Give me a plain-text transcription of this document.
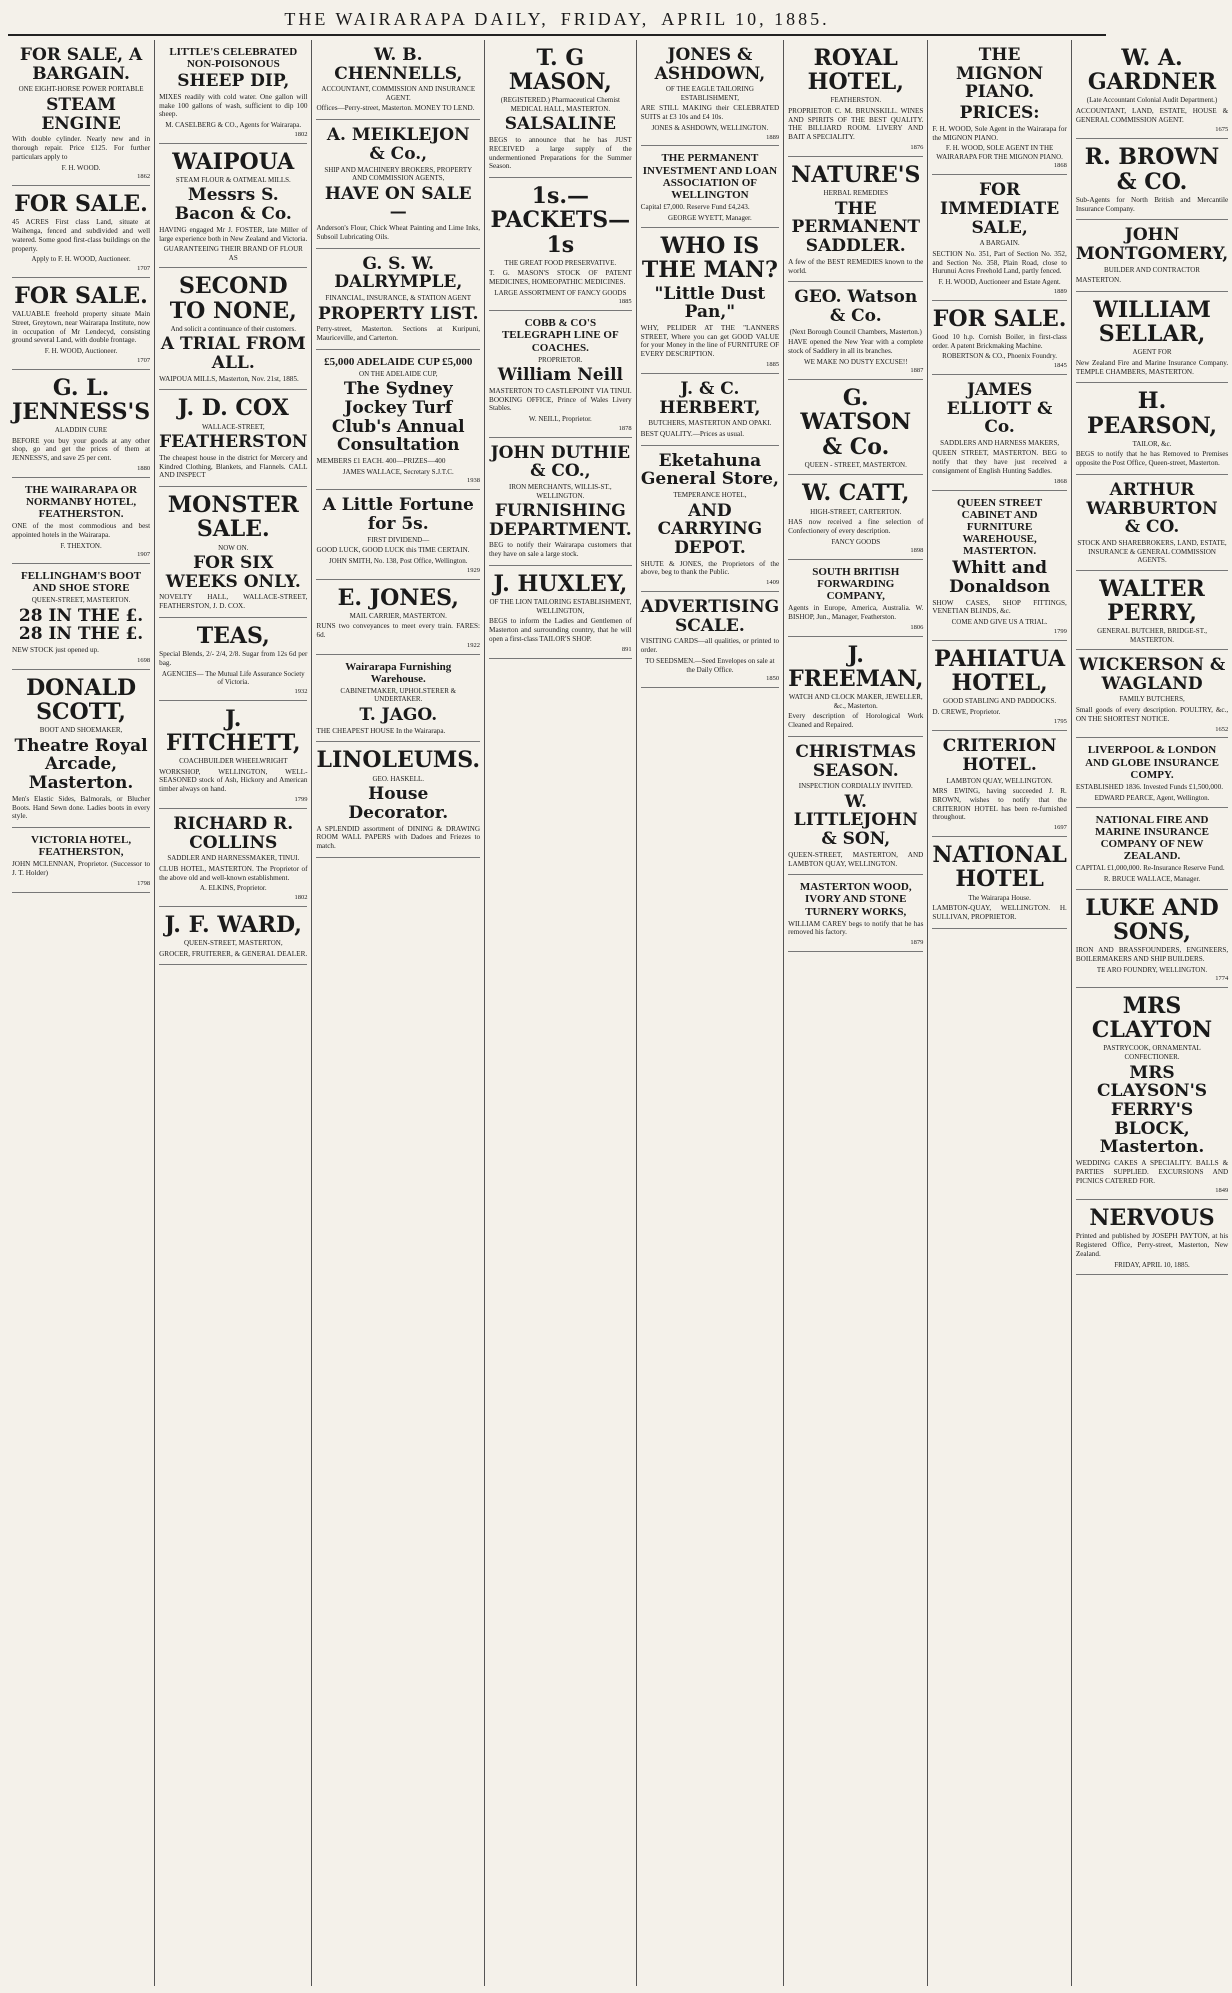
THE WAIRARAPA DAILY, FRIDAY, APRIL 10, 1885.
FOR SALE, A BARGAIN.
ONE EIGHT-HORSE POWER PORTABLE
STEAM ENGINE
With double cylinder. Nearly new and in thorough repair. Price £125. For further particulars apply to
F. H. WOOD.
1862
FOR SALE.
45 ACRES First class Land, situate at Waihenga, fenced and subdivided and well watered. Some good first-class buildings on the property.
Apply to F. H. WOOD, Auctioneer.
1707
FOR SALE.
VALUABLE freehold property situate Main Street, Greytown, near Wairarapa Institute, now in occupation of Mr Lendecyd, consisting ground several Land, with double frontage.
F. H. WOOD, Auctioneer.
1707
G. L. JENNESS'S
ALADDIN CURE
BEFORE you buy your goods at any other shop, go and get the prices of them at JENNESS'S, and save 25 per cent.
1880
THE WAIRARAPA OR NORMANBY HOTEL, FEATHERSTON.
ONE of the most commodious and best appointed hotels in the Wairarapa.
F. THEXTON.
1907
FELLINGHAM'S BOOT AND SHOE STORE
QUEEN-STREET, MASTERTON.
28 IN THE £. 28 IN THE £.
NEW STOCK just opened up.
1698
DONALD SCOTT,
BOOT AND SHOEMAKER,
Theatre Royal Arcade, Masterton.
Men's Elastic Sides, Balmorals, or Blucher Boots. Hand Sewn done. Ladies boots in every style.
VICTORIA HOTEL, FEATHERSTON,
JOHN MCLENNAN, Proprietor. (Successor to J. T. Holder)
1798
LITTLE'S CELEBRATED NON-POISONOUS
SHEEP DIP,
MIXES readily with cold water. One gallon will make 100 gallons of wash, sufficient to dip 100 sheep.
M. CASELBERG & CO., Agents for Wairarapa.
1802
WAIPOUA
STEAM FLOUR & OATMEAL MILLS.
Messrs S. Bacon & Co.
HAVING engaged Mr J. FOSTER, late Miller of large experience both in New Zealand and Victoria.
GUARANTEEING THEIR BRAND OF FLOUR AS
SECOND TO NONE,
And solicit a continuance of their customers.
A TRIAL FROM ALL.
WAIPOUA MILLS, Masterton, Nov. 21st, 1885.
J. D. COX
WALLACE-STREET,
FEATHERSTON
The cheapest house in the district for Mercery and Kindred Clothing, Blankets, and Flannels. CALL AND INSPECT
MONSTER SALE.
NOW ON.
FOR SIX WEEKS ONLY.
NOVELTY HALL, WALLACE-STREET, FEATHERSTON, J. D. COX.
TEAS,
Special Blends, 2/- 2/4, 2/8. Sugar from 12s 6d per bag.
AGENCIES— The Mutual Life Assurance Society of Victoria.
1932
J. FITCHETT,
COACHBUILDER WHEELWRIGHT
WORKSHOP, WELLINGTON, WELL-SEASONED stock of Ash, Hickory and American timber always on hand.
1799
RICHARD R. COLLINS
SADDLER AND HARNESSMAKER, TINUI.
CLUB HOTEL, MASTERTON. The Proprietor of the above old and well-known establishment.
A. ELKINS, Proprietor.
1802
J. F. WARD,
QUEEN-STREET, MASTERTON,
GROCER, FRUITERER, & GENERAL DEALER.
W. B. CHENNELLS,
ACCOUNTANT, COMMISSION AND INSURANCE AGENT.
Offices—Perry-street, Masterton. MONEY TO LEND.
A. MEIKLEJON & Co.,
SHIP AND MACHINERY BROKERS, PROPERTY AND COMMISSION AGENTS,
HAVE ON SALE—
Anderson's Flour, Chick Wheat Painting and Lime Inks, Subsoil Lubricating Oils.
G. S. W. DALRYMPLE,
FINANCIAL, INSURANCE, & STATION AGENT
PROPERTY LIST.
Perry-street, Masterton. Sections at Kuripuni, Mauriceville, and Carterton.
£5,000 ADELAIDE CUP £5,000
ON THE ADELAIDE CUP,
The Sydney Jockey Turf Club's Annual Consultation
MEMBERS £1 EACH. 400—PRIZES—400
JAMES WALLACE, Secretary S.J.T.C.
1938
A Little Fortune for 5s.
FIRST DIVIDEND—
GOOD LUCK, GOOD LUCK this TIME CERTAIN.
JOHN SMITH, No. 138, Post Office, Wellington.
1929
E. JONES,
MAIL CARRIER, MASTERTON.
RUNS two conveyances to meet every train. FARES: 6d.
1922
Wairarapa Furnishing Warehouse.
CABINETMAKER, UPHOLSTERER & UNDERTAKER.
T. JAGO.
THE CHEAPEST HOUSE In the Wairarapa.
LINOLEUMS.
GEO. HASKELL.
House Decorator.
A SPLENDID assortment of DINING & DRAWING ROOM WALL PAPERS with Dadoes and Friezes to match.
T. G MASON,
(REGISTERED.) Pharmaceutical Chemist MEDICAL HALL, MASTERTON.
SALSALINE
BEGS to announce that he has JUST RECEIVED a large supply of the undermentioned Preparations for the Summer Season.
1s.—PACKETS—1s
THE GREAT FOOD PRESERVATIVE.
T. G. MASON'S STOCK OF PATENT MEDICINES, HOMEOPATHIC MEDICINES.
LARGE ASSORTMENT OF FANCY GOODS
1885
COBB & CO'S TELEGRAPH LINE OF COACHES.
PROPRIETOR.
William Neill
MASTERTON TO CASTLEPOINT VIA TINUI. BOOKING OFFICE, Prince of Wales Livery Stables.
W. NEILL, Proprietor.
1878
JOHN DUTHIE & CO.,
IRON MERCHANTS, WILLIS-ST., WELLINGTON.
FURNISHING DEPARTMENT.
BEG to notify their Wairarapa customers that they have on sale a large stock.
J. HUXLEY,
OF THE LION TAILORING ESTABLISHMENT, WELLINGTON,
BEGS to inform the Ladies and Gentlemen of Masterton and surrounding country, that he will open a first-class TAILOR'S SHOP.
891
JONES & ASHDOWN,
OF THE EAGLE TAILORING ESTABLISHMENT,
ARE STILL MAKING their CELEBRATED SUITS at £3 10s and £4 10s.
JONES & ASHDOWN, WELLINGTON.
1889
THE PERMANENT INVESTMENT AND LOAN ASSOCIATION OF WELLINGTON
Capital £7,000. Reserve Fund £4,243.
GEORGE WYETT, Manager.
WHO IS THE MAN?
"Little Dust Pan,"
WHY, PELIDER AT THE "LANNERS STREET, Where you can get GOOD VALUE for your Money in the line of FURNITURE OF EVERY DESCRIPTION.
1885
J. & C. HERBERT,
BUTCHERS, MASTERTON AND OPAKI.
BEST QUALITY.—Prices as usual.
Eketahuna General Store,
TEMPERANCE HOTEL,
AND CARRYING DEPOT.
SHUTE & JONES, the Proprietors of the above, beg to thank the Public.
1409
ADVERTISING SCALE.
VISITING CARDS—all qualities, or printed to order.
TO SEEDSMEN.—Seed Envelopes on sale at the Daily Office.
1850
ROYAL HOTEL,
FEATHERSTON.
PROPRIETOR C. M. BRUNSKILL. WINES AND SPIRITS OF THE BEST QUALITY. THE BILLIARD ROOM. LIVERY AND BAIT A SPECIALITY.
1876
NATURE'S
HERBAL REMEDIES
THE PERMANENT SADDLER.
A few of the BEST REMEDIES known to the world.
GEO. Watson & Co.
(Next Borough Council Chambers, Masterton.)
HAVE opened the New Year with a complete stock of Saddlery in all its branches.
WE MAKE NO DUSTY EXCUSE!!
1887
G. WATSON & Co.
QUEEN - STREET, MASTERTON.
W. CATT,
HIGH-STREET, CARTERTON.
HAS now received a fine selection of Confectionery of every description.
FANCY GOODS
1898
SOUTH BRITISH FORWARDING COMPANY,
Agents in Europe, America, Australia. W. BISHOP, Jun., Manager, Featherston.
1806
J. FREEMAN,
WATCH AND CLOCK MAKER, JEWELLER, &c., Masterton.
Every description of Horological Work Cleaned and Repaired.
CHRISTMAS SEASON.
INSPECTION CORDIALLY INVITED.
W. LITTLEJOHN & SON,
QUEEN-STREET, MASTERTON, AND LAMBTON QUAY, WELLINGTON.
MASTERTON WOOD, IVORY AND STONE TURNERY WORKS,
WILLIAM CAREY begs to notify that he has removed his factory.
1879
THE MIGNON PIANO.
PRICES:
F. H. WOOD, Sole Agent in the Wairarapa for the MIGNON PIANO.
F. H. WOOD, SOLE AGENT IN THE WAIRARAPA FOR THE MIGNON PIANO.
1868
FOR IMMEDIATE SALE,
A BARGAIN.
SECTION No. 351, Part of Section No. 352, and Section No. 358, Plain Road, close to Hurunui Acres Freehold Land, partly fenced.
F. H. WOOD, Auctioneer and Estate Agent.
1889
FOR SALE.
Good 10 h.p. Cornish Boiler, in first-class order. A patent Brickmaking Machine.
ROBERTSON & CO., Phoenix Foundry.
1845
JAMES ELLIOTT & Co.
SADDLERS AND HARNESS MAKERS,
QUEEN STREET, MASTERTON. BEG to notify that they have just received a consignment of English Hunting Saddles.
1868
QUEEN STREET CABINET AND FURNITURE WAREHOUSE, MASTERTON.
Whitt and Donaldson
SHOW CASES, SHOP FITTINGS, VENETIAN BLINDS, &c.
COME AND GIVE US A TRIAL.
1799
PAHIATUA HOTEL,
GOOD STABLING AND PADDOCKS.
D. CREWE, Proprietor.
1795
CRITERION HOTEL.
LAMBTON QUAY, WELLINGTON.
MRS EWING, having succeeded J. R. BROWN, wishes to notify that the CRITERION HOTEL has been re-furnished throughout.
1697
NATIONAL HOTEL
The Wairarapa House.
LAMBTON-QUAY, WELLINGTON. H. SULLIVAN, PROPRIETOR.
W. A. GARDNER
(Late Accountant Colonial Audit Department.)
ACCOUNTANT, LAND, ESTATE, HOUSE & GENERAL COMMISSION AGENT.
1675
R. BROWN & CO.
Sub-Agents for North British and Mercantile Insurance Company.
JOHN MONTGOMERY,
BUILDER AND CONTRACTOR
MASTERTON.
WILLIAM SELLAR,
AGENT FOR
New Zealand Fire and Marine Insurance Company. TEMPLE CHAMBERS, MASTERTON.
H. PEARSON,
TAILOR, &c.
BEGS to notify that he has Removed to Premises opposite the Post Office, Queen-street, Masterton.
ARTHUR WARBURTON & CO.
STOCK AND SHAREBROKERS, LAND, ESTATE, INSURANCE & GENERAL COMMISSION AGENTS.
WALTER PERRY,
GENERAL BUTCHER, BRIDGE-ST., MASTERTON.
WICKERSON & WAGLAND
FAMILY BUTCHERS,
Small goods of every description. POULTRY, &c., ON THE SHORTEST NOTICE.
1652
LIVERPOOL & LONDON AND GLOBE INSURANCE COMPY.
ESTABLISHED 1836. Invested Funds £1,500,000.
EDWARD PEARCE, Agent, Wellington.
NATIONAL FIRE AND MARINE INSURANCE COMPANY OF NEW ZEALAND.
CAPITAL £1,000,000. Re-Insurance Reserve Fund.
R. BRUCE WALLACE, Manager.
LUKE AND SONS,
IRON AND BRASSFOUNDERS, ENGINEERS, BOILERMAKERS AND SHIP BUILDERS.
TE ARO FOUNDRY, WELLINGTON.
1774
MRS CLAYTON
PASTRYCOOK, ORNAMENTAL CONFECTIONER.
MRS CLAYSON'S FERRY'S BLOCK, Masterton.
WEDDING CAKES A SPECIALITY. BALLS & PARTIES SUPPLIED. EXCURSIONS AND PICNICS CATERED FOR.
1849
NERVOUS
Printed and published by JOSEPH PAYTON, at his Registered Office, Perry-street, Masterton, New Zealand.
FRIDAY, APRIL 10, 1885.
